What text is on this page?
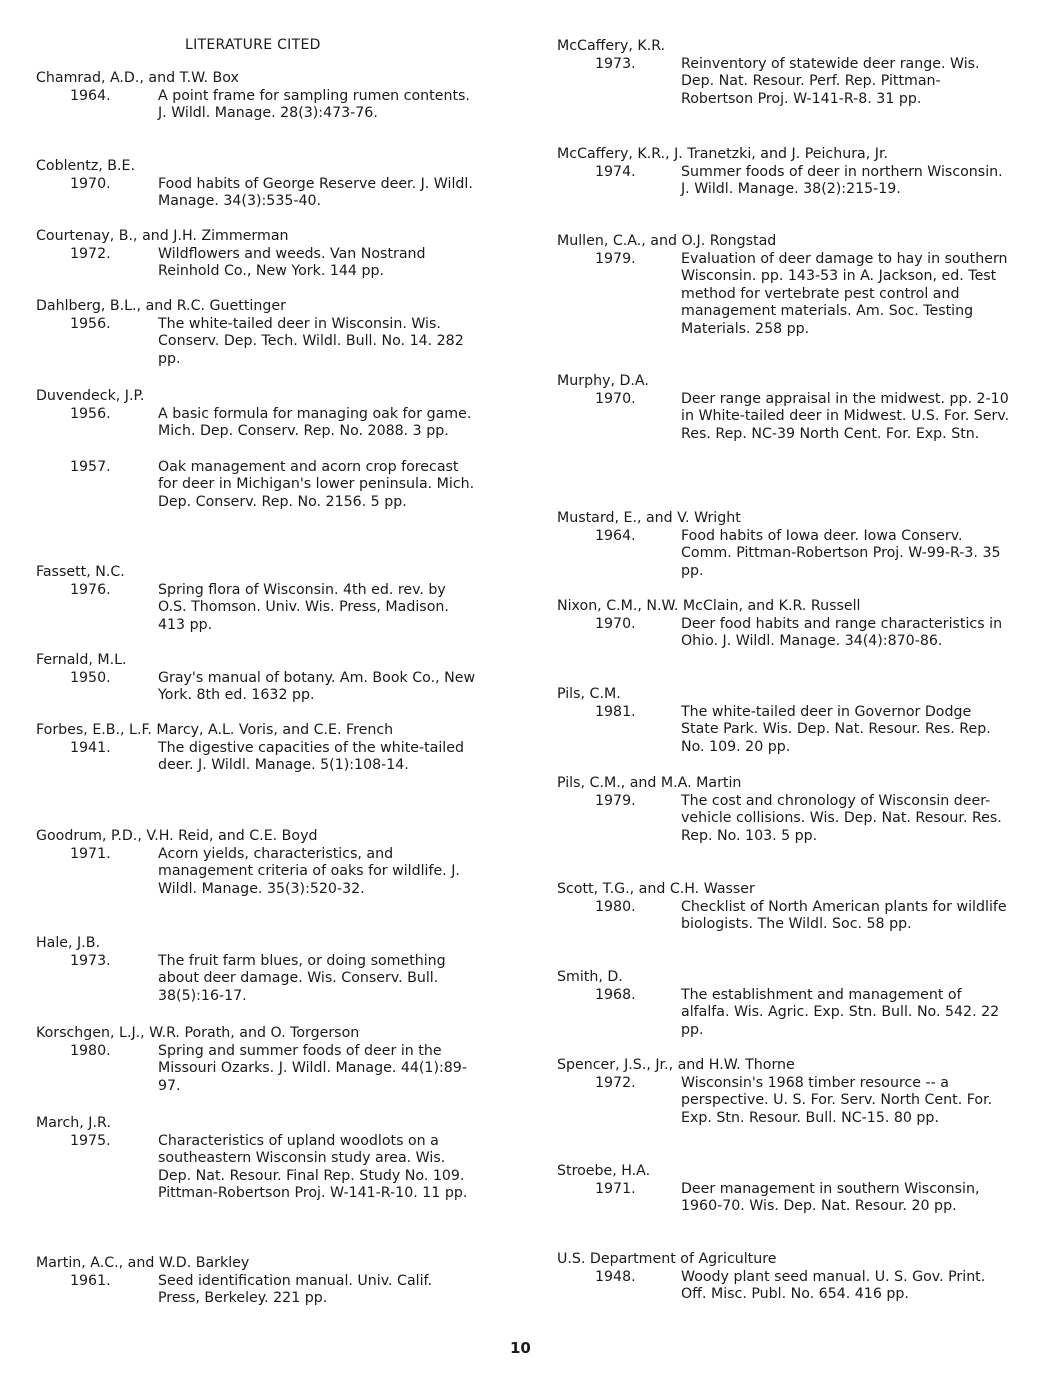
LITERATURE CITED
Chamrad, A.D., and T.W. Box
1964.	A point frame for sampling rumen contents. J. Wildl. Manage. 28(3):473-76.
Coblentz, B.E.
1970.	Food habits of George Reserve deer. J. Wildl. Manage. 34(3):535-40.
Courtenay, B., and J.H. Zimmerman
1972.	Wildflowers and weeds. Van Nostrand Reinhold Co., New York. 144 pp.
Dahlberg, B.L., and R.C. Guettinger
1956.	The white-tailed deer in Wisconsin. Wis. Conserv. Dep. Tech. Wildl. Bull. No. 14. 282 pp.
Duvendeck, J.P.
1956.	A basic formula for managing oak for game. Mich. Dep. Conserv. Rep. No. 2088. 3 pp.
1957.	Oak management and acorn crop forecast for deer in Michigan's lower peninsula. Mich. Dep. Conserv. Rep. No. 2156. 5 pp.
Fassett, N.C.
1976.	Spring flora of Wisconsin. 4th ed. rev. by O.S. Thomson. Univ. Wis. Press, Madison. 413 pp.
Fernald, M.L.
1950.	Gray's manual of botany. Am. Book Co., New York. 8th ed. 1632 pp.
Forbes, E.B., L.F. Marcy, A.L. Voris, and C.E. French
1941.	The digestive capacities of the white-tailed deer. J. Wildl. Manage. 5(1):108-14.
Goodrum, P.D., V.H. Reid, and C.E. Boyd
1971.	Acorn yields, characteristics, and management criteria of oaks for wildlife. J. Wildl. Manage. 35(3):520-32.
Hale, J.B.
1973.	The fruit farm blues, or doing something about deer damage. Wis. Conserv. Bull. 38(5):16-17.
Korschgen, L.J., W.R. Porath, and O. Torgerson
1980.	Spring and summer foods of deer in the Missouri Ozarks. J. Wildl. Manage. 44(1):89-97.
March, J.R.
1975.	Characteristics of upland woodlots on a southeastern Wisconsin study area. Wis. Dep. Nat. Resour. Final Rep. Study No. 109. Pittman-Robertson Proj. W-141-R-10. 11 pp.
Martin, A.C., and W.D. Barkley
1961.	Seed identification manual. Univ. Calif. Press, Berkeley. 221 pp.
McCaffery, K.R.
1973.	Reinventory of statewide deer range. Wis. Dep. Nat. Resour. Perf. Rep. Pittman-Robertson Proj. W-141-R-8. 31 pp.
McCaffery, K.R., J. Tranetzki, and J. Peichura, Jr.
1974.	Summer foods of deer in northern Wisconsin. J. Wildl. Manage. 38(2):215-19.
Mullen, C.A., and O.J. Rongstad
1979.	Evaluation of deer damage to hay in southern Wisconsin. pp. 143-53 in A. Jackson, ed. Test method for vertebrate pest control and management materials. Am. Soc. Testing Materials. 258 pp.
Murphy, D.A.
1970.	Deer range appraisal in the midwest. pp. 2-10 in White-tailed deer in Midwest. U.S. For. Serv. Res. Rep. NC-39 North Cent. For. Exp. Stn.
Mustard, E., and V. Wright
1964.	Food habits of Iowa deer. Iowa Conserv. Comm. Pittman-Robertson Proj. W-99-R-3. 35 pp.
Nixon, C.M., N.W. McClain, and K.R. Russell
1970.	Deer food habits and range characteristics in Ohio. J. Wildl. Manage. 34(4):870-86.
Pils, C.M.
1981.	The white-tailed deer in Governor Dodge State Park. Wis. Dep. Nat. Resour. Res. Rep. No. 109. 20 pp.
Pils, C.M., and M.A. Martin
1979.	The cost and chronology of Wisconsin deer-vehicle collisions. Wis. Dep. Nat. Resour. Res. Rep. No. 103. 5 pp.
Scott, T.G., and C.H. Wasser
1980.	Checklist of North American plants for wildlife biologists. The Wildl. Soc. 58 pp.
Smith, D.
1968.	The establishment and management of alfalfa. Wis. Agric. Exp. Stn. Bull. No. 542. 22 pp.
Spencer, J.S., Jr., and H.W. Thorne
1972.	Wisconsin's 1968 timber resource -- a perspective. U. S. For. Serv. North Cent. For. Exp. Stn. Resour. Bull. NC-15. 80 pp.
Stroebe, H.A.
1971.	Deer management in southern Wisconsin, 1960-70. Wis. Dep. Nat. Resour. 20 pp.
U.S. Department of Agriculture
1948.	Woody plant seed manual. U. S. Gov. Print. Off. Misc. Publ. No. 654. 416 pp.
10
